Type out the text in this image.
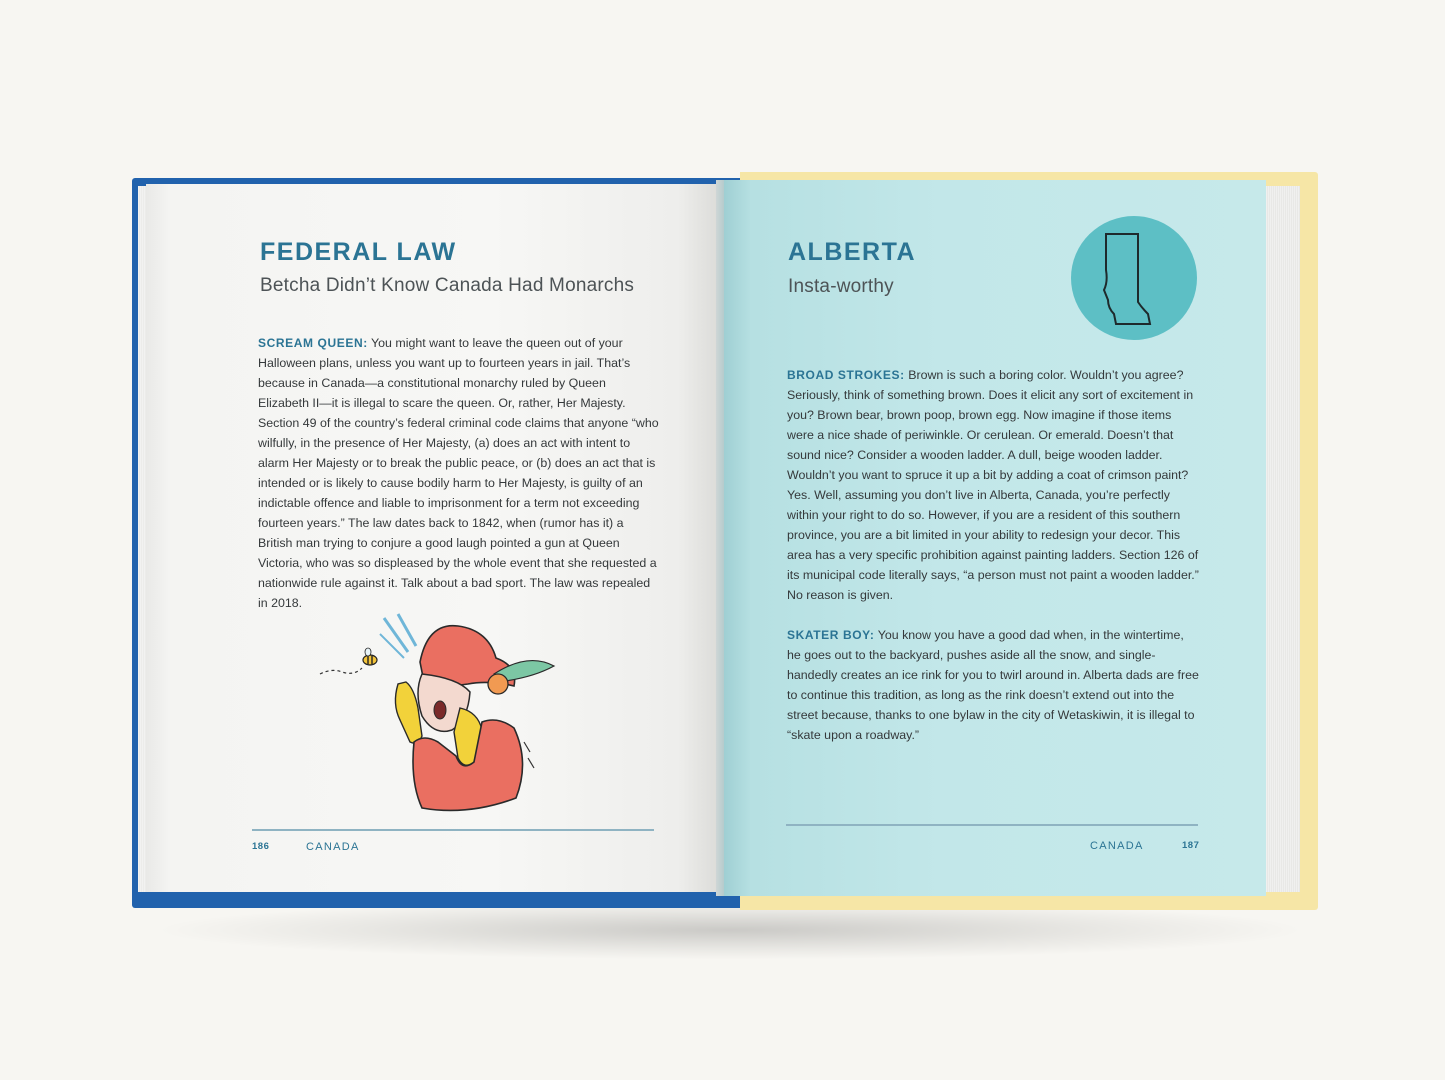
FEDERAL LAW
Betcha Didn’t Know Canada Had Monarchs

SCREAM QUEEN: You might want to leave the queen out of your Halloween plans, unless you want up to fourteen years in jail. That’s because in Canada—a constitutional monarchy ruled by Queen Elizabeth II—it is illegal to scare the queen. Or, rather, Her Majesty. Section 49 of the country’s federal criminal code claims that anyone “who wilfully, in the presence of Her Majesty, (a) does an act with intent to alarm Her Majesty or to break the public peace, or (b) does an act that is intended or is likely to cause bodily harm to Her Majesty, is guilty of an indictable offence and liable to imprisonment for a term not exceeding fourteen years.” The law dates back to 1842, when (rumor has it) a British man trying to conjure a good laugh pointed a gun at Queen Victoria, who was so displeased by the whole event that she requested a nationwide rule against it. Talk about a bad sport. The law was repealed in 2018.

186	CANADA
ALBERTA
Insta-worthy

BROAD STROKES: Brown is such a boring color. Wouldn’t you agree? Seriously, think of something brown. Does it elicit any sort of excitement in you? Brown bear, brown poop, brown egg. Now imagine if those items were a nice shade of periwinkle. Or cerulean. Or emerald. Doesn’t that sound nice? Consider a wooden ladder. A dull, beige wooden ladder. Wouldn’t you want to spruce it up a bit by adding a coat of crimson paint? Yes. Well, assuming you don’t live in Alberta, Canada, you’re perfectly within your right to do so. However, if you are a resident of this southern province, you are a bit limited in your ability to redesign your decor. This area has a very specific prohibition against painting ladders. Section 126 of its municipal code literally says, “a person must not paint a wooden ladder.” No reason is given.

SKATER BOY: You know you have a good dad when, in the wintertime, he goes out to the backyard, pushes aside all the snow, and single-handedly creates an ice rink for you to twirl around in. Alberta dads are free to continue this tradition, as long as the rink doesn’t extend out into the street because, thanks to one bylaw in the city of Wetaskiwin, it is illegal to “skate upon a roadway.”

CANADA	187
